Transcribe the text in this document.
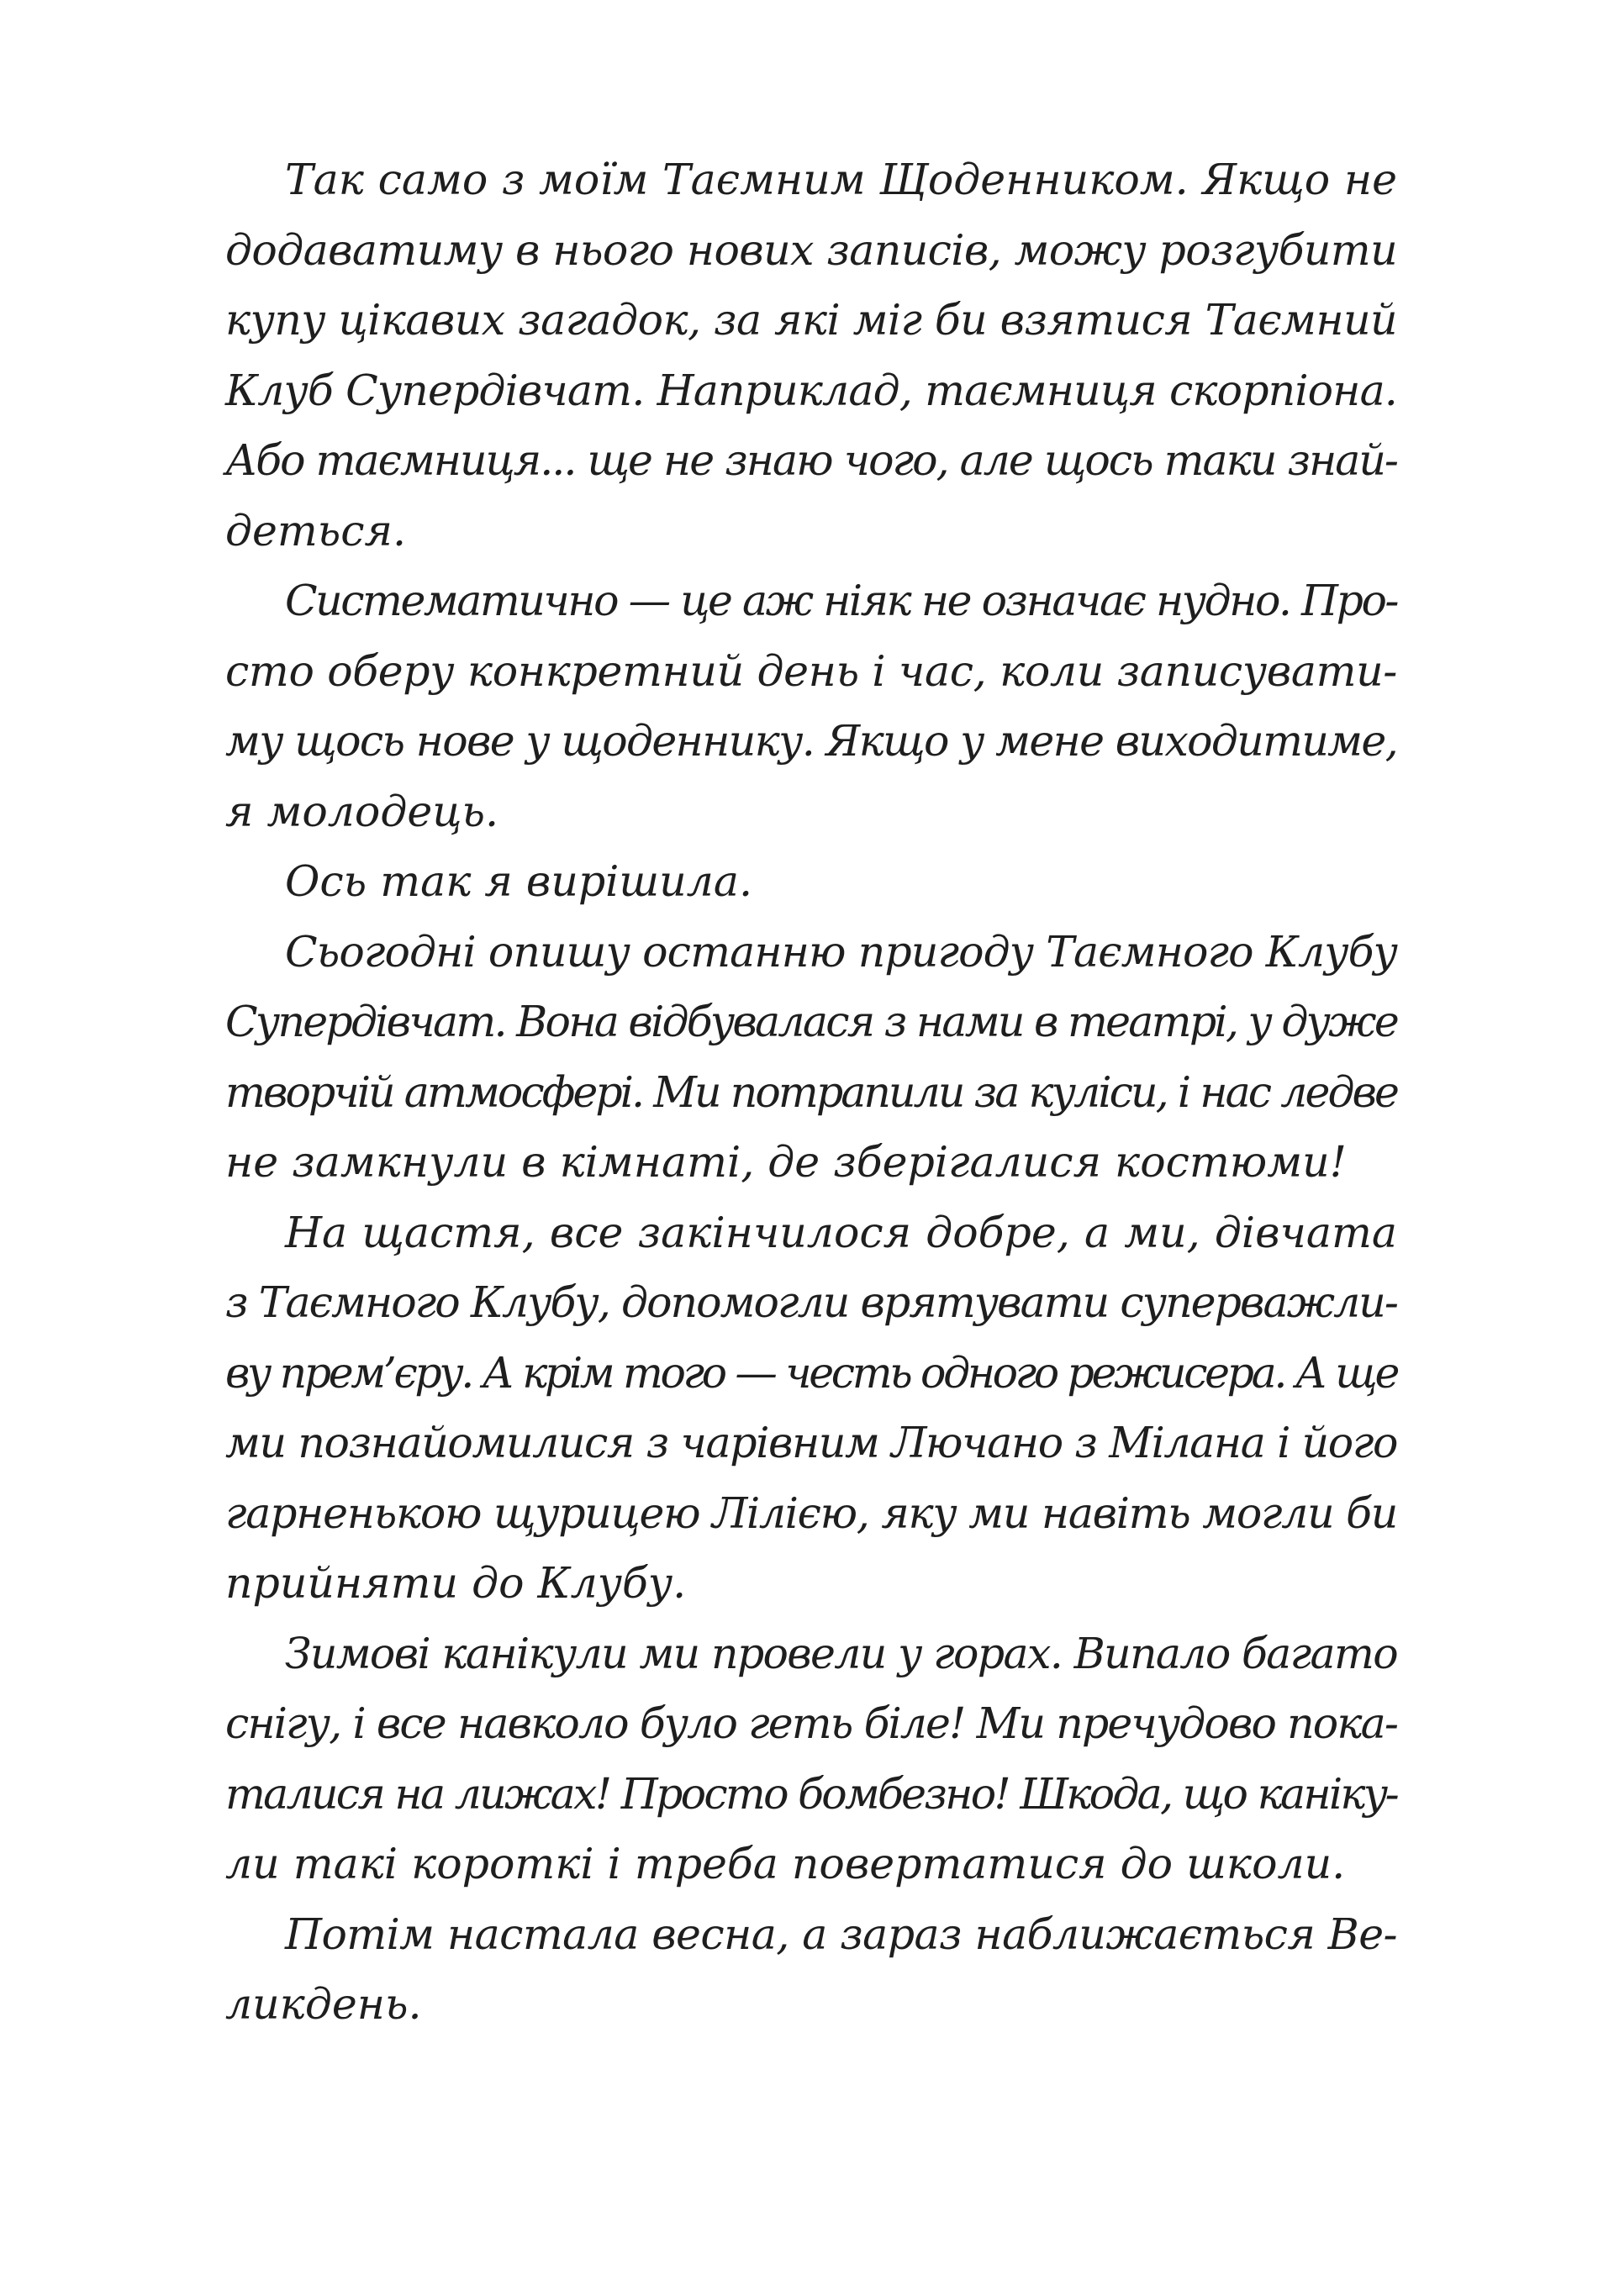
Так само з моїм Таємним Щоденником. Якщо не
додаватиму в нього нових записів, можу розгубити
купу цікавих загадок, за які міг би взятися Таємний
Клуб Супердівчат. Наприклад, таємниця скорпіона.
Або таємниця... ще не знаю чого, але щось таки знай-
деться.

Систематично — це аж ніяк не означає нудно. Про-
сто оберу конкретний день і час, коли записувати-
му щось нове у щоденнику. Якщо у мене виходитиме,
я молодець.

Ось так я вирішила.

Сьогодні опишу останню пригоду Таємного Клубу
Супердівчат. Вона відбувалася з нами в театрі, у дуже
творчій атмосфері. Ми потрапили за куліси, і нас ледве
не замкнули в кімнаті, де зберігалися костюми!

На щастя, все закінчилося добре, а ми, дівчата
з Таємного Клубу, допомогли врятувати суперважли-
ву прем’єру. А крім того — честь одного режисера. А ще
ми познайомилися з чарівним Лючано з Мілана і його
гарненькою щурицею Лілією, яку ми навіть могли би
прийняти до Клубу.

Зимові канікули ми провели у горах. Випало багато
снігу, і все навколо було геть біле! Ми пречудово пока-
талися на лижах! Просто бомбезно! Шкода, що канікy-
ли такі короткі і треба повертатися до школи.

Потім настала весна, а зараз наближається Ве-
ликдень.
